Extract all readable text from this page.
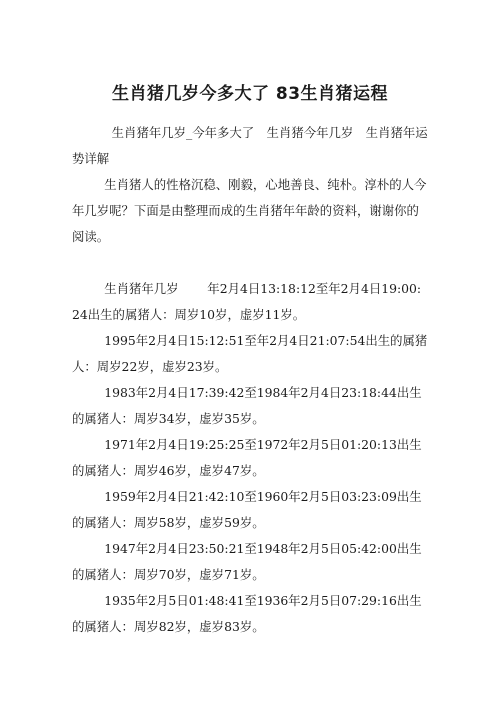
生肖猪几岁今多大了 83生肖猪运程

生肖猪年几岁_今年多大了　生肖猪今年几岁　生肖猪年运势详解

生肖猪人的性格沉稳、刚毅，心地善良、纯朴。淳朴的人今年几岁呢？下面是由整理而成的生肖猪年年龄的资料，谢谢你的阅读。

生肖猪年几岁　　 年2月4日13:18:12至年2月4日19:00:24出生的属猪人：周岁10岁，虚岁11岁。

1995年2月4日15:12:51至年2月4日21:07:54出生的属猪人：周岁22岁，虚岁23岁。

1983年2月4日17:39:42至1984年2月4日23:18:44出生的属猪人：周岁34岁，虚岁35岁。

1971年2月4日19:25:25至1972年2月5日01:20:13出生的属猪人：周岁46岁，虚岁47岁。

1959年2月4日21:42:10至1960年2月5日03:23:09出生的属猪人：周岁58岁，虚岁59岁。

1947年2月4日23:50:21至1948年2月5日05:42:00出生的属猪人：周岁70岁，虚岁71岁。

1935年2月5日01:48:41至1936年2月5日07:29:16出生的属猪人：周岁82岁，虚岁83岁。
